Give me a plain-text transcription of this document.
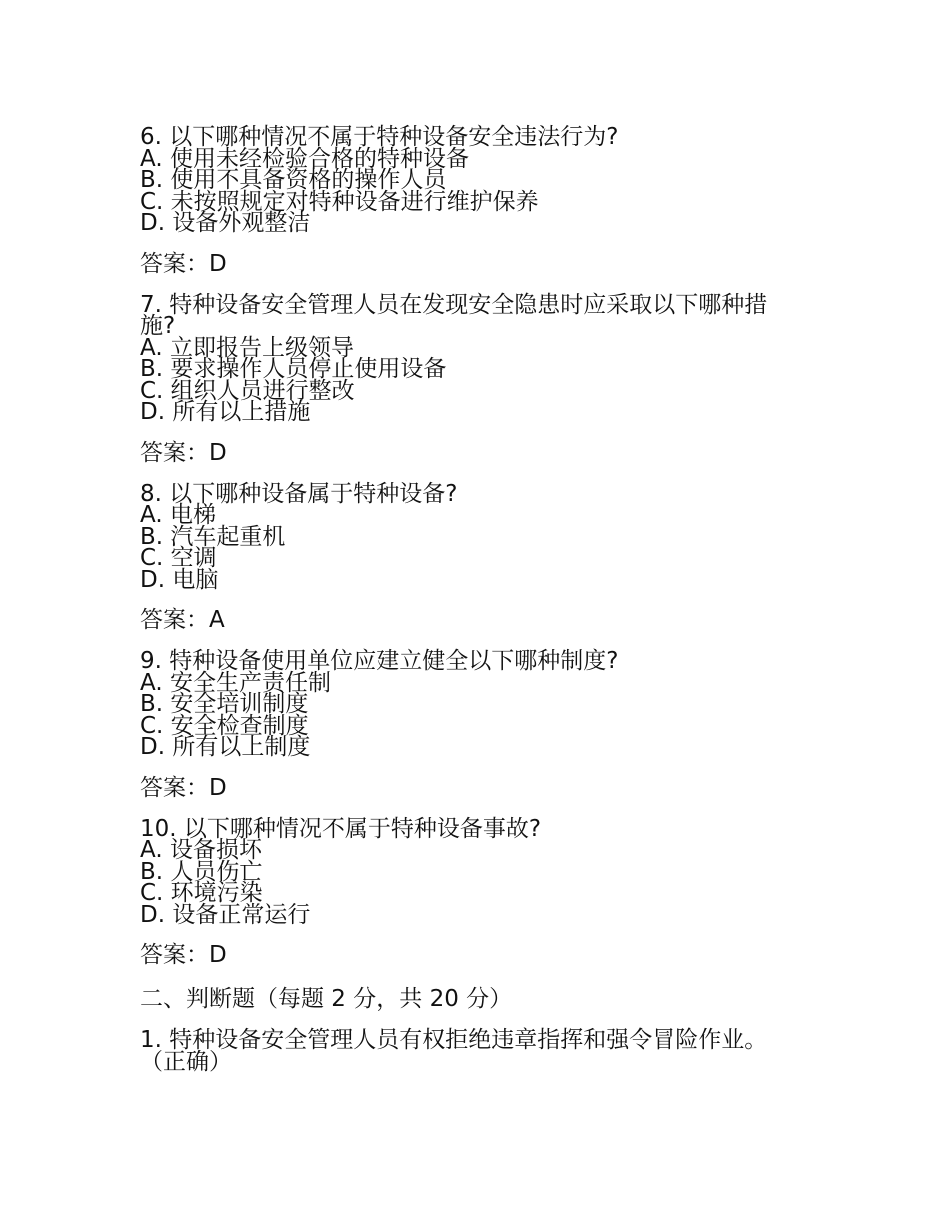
6. 以下哪种情况不属于特种设备安全违法行为?
A. 使用未经检验合格的特种设备
B. 使用不具备资格的操作人员
C. 未按照规定对特种设备进行维护保养
D. 设备外观整洁
答案：D
7. 特种设备安全管理人员在发现安全隐患时应采取以下哪种措施?
A. 立即报告上级领导
B. 要求操作人员停止使用设备
C. 组织人员进行整改
D. 所有以上措施
答案：D
8. 以下哪种设备属于特种设备?
A. 电梯
B. 汽车起重机
C. 空调
D. 电脑
答案：A
9. 特种设备使用单位应建立健全以下哪种制度?
A. 安全生产责任制
B. 安全培训制度
C. 安全检查制度
D. 所有以上制度
答案：D
10. 以下哪种情况不属于特种设备事故?
A. 设备损坏
B. 人员伤亡
C. 环境污染
D. 设备正常运行
答案：D
二、判断题（每题 2 分，共 20 分）
1. 特种设备安全管理人员有权拒绝违章指挥和强令冒险作业。（正确）
